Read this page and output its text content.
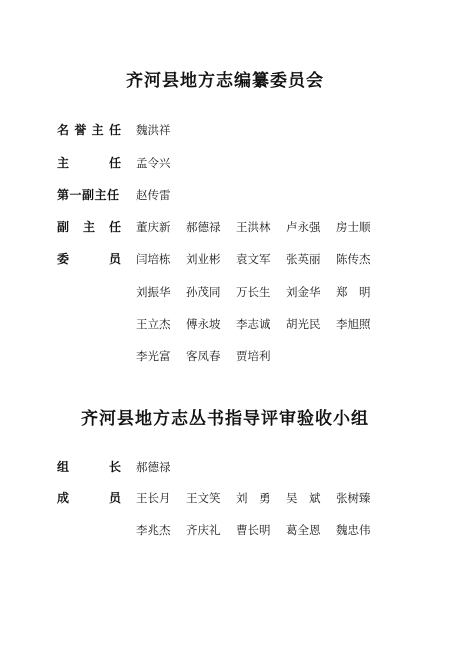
齐河县地方志编纂委员会
名 誉 主 任 魏洪祥
主	任 孟令兴
第一副主任 赵传雷
副 主 任 董庆新 郝德禄 王洪林 卢永强 房士顺
委	员 闫培栋 刘业彬 袁文军 张英丽 陈传杰
刘振华 孙茂同 万长生 刘金华 郑　明
王立杰 傅永坡 李志诚 胡光民 李旭照
李光富 客凤春 贾培利
齐河县地方志丛书指导评审验收小组
组	长 郝德禄
成	员 王长月 王文笑 刘　勇 吴　斌 张树臻
李兆杰 齐庆礼 曹长明 葛全恩 魏忠伟
